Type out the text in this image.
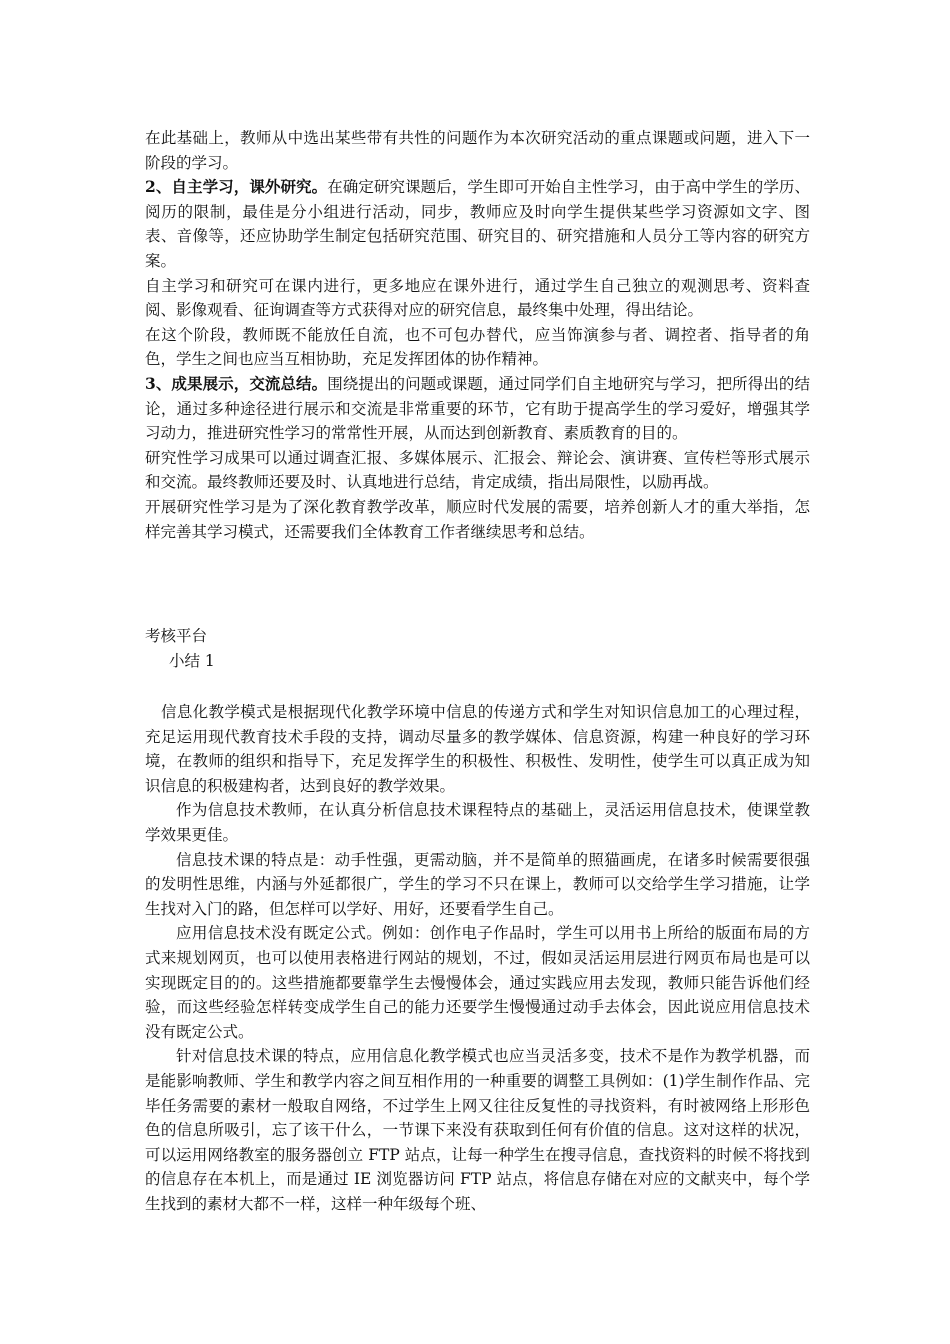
在此基础上，教师从中选出某些带有共性的问题作为本次研究活动的重点课题或问题，进入下一阶段的学习。

2、自主学习，课外研究。在确定研究课题后，学生即可开始自主性学习，由于高中学生的学历、阅历的限制，最佳是分小组进行活动，同步，教师应及时向学生提供某些学习资源如文字、图表、音像等，还应协助学生制定包括研究范围、研究目的、研究措施和人员分工等内容的研究方案。

自主学习和研究可在课内进行，更多地应在课外进行，通过学生自己独立的观测思考、资料查阅、影像观看、征询调查等方式获得对应的研究信息，最终集中处理，得出结论。

在这个阶段，教师既不能放任自流，也不可包办替代，应当饰演参与者、调控者、指导者的角色，学生之间也应当互相协助，充足发挥团体的协作精神。

3、成果展示，交流总结。围绕提出的问题或课题，通过同学们自主地研究与学习，把所得出的结论，通过多种途径进行展示和交流是非常重要的环节，它有助于提高学生的学习爱好，增强其学习动力，推进研究性学习的常常性开展，从而达到创新教育、素质教育的目的。

研究性学习成果可以通过调查汇报、多媒体展示、汇报会、辩论会、演讲赛、宣传栏等形式展示和交流。最终教师还要及时、认真地进行总结，肯定成绩，指出局限性，以励再战。

开展研究性学习是为了深化教育教学改革，顺应时代发展的需要，培养创新人才的重大举指，怎样完善其学习模式，还需要我们全体教育工作者继续思考和总结。

考核平台

小结 1

信息化教学模式是根据现代化教学环境中信息的传递方式和学生对知识信息加工的心理过程，充足运用现代教育技术手段的支持，调动尽量多的教学媒体、信息资源，构建一种良好的学习环境，在教师的组织和指导下，充足发挥学生的积极性、积极性、发明性，使学生可以真正成为知识信息的积极建构者，达到良好的教学效果。

作为信息技术教师，在认真分析信息技术课程特点的基础上，灵活运用信息技术，使课堂教学效果更佳。

信息技术课的特点是：动手性强，更需动脑，并不是简单的照猫画虎，在诸多时候需要很强的发明性思维，内涵与外延都很广，学生的学习不只在课上，教师可以交给学生学习措施，让学生找对入门的路，但怎样可以学好、用好，还要看学生自己。

应用信息技术没有既定公式。例如：创作电子作品时，学生可以用书上所给的版面布局的方式来规划网页，也可以使用表格进行网站的规划，不过，假如灵活运用层进行网页布局也是可以实现既定目的的。这些措施都要靠学生去慢慢体会，通过实践应用去发现，教师只能告诉他们经验，而这些经验怎样转变成学生自己的能力还要学生慢慢通过动手去体会，因此说应用信息技术没有既定公式。

针对信息技术课的特点，应用信息化教学模式也应当灵活多变，技术不是作为教学机器，而是能影响教师、学生和教学内容之间互相作用的一种重要的调整工具例如：(1)学生制作作品、完毕任务需要的素材一般取自网络，不过学生上网又往往反复性的寻找资料，有时被网络上形形色色的信息所吸引，忘了该干什么，一节课下来没有获取到任何有价值的信息。这对这样的状况，可以运用网络教室的服务器创立 FTP 站点，让每一种学生在搜寻信息，查找资料的时候不将找到的信息存在本机上，而是通过 IE 浏览器访问 FTP 站点，将信息存储在对应的文献夹中，每个学生找到的素材大都不一样，这样一种年级每个班、
